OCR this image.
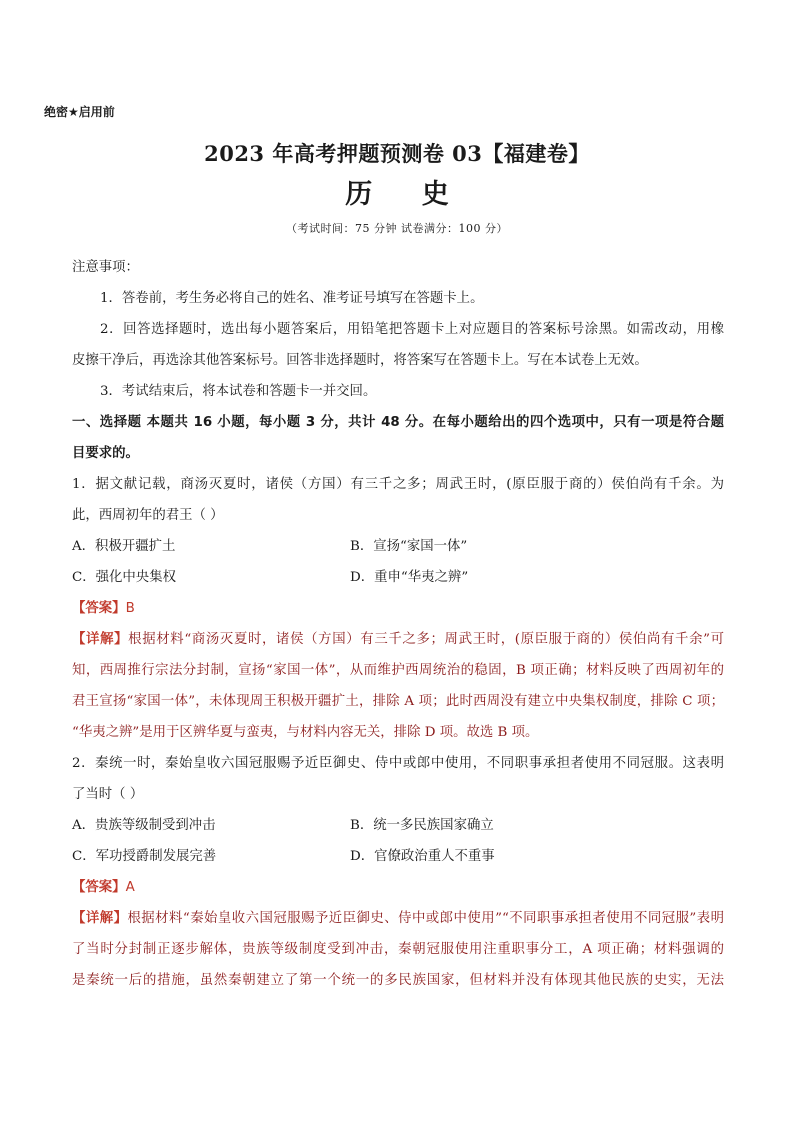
绝密★启用前
2023 年高考押题预测卷 03【福建卷】
历 史
（考试时间：75 分钟 试卷满分：100 分）
注意事项：
1．答卷前，考生务必将自己的姓名、准考证号填写在答题卡上。
2．回答选择题时，选出每小题答案后，用铅笔把答题卡上对应题目的答案标号涂黑。如需改动，用橡
皮擦干净后，再选涂其他答案标号。回答非选择题时，将答案写在答题卡上。写在本试卷上无效。
3．考试结束后，将本试卷和答题卡一并交回。
一、选择题 本题共 16 小题，每小题 3 分，共计 48 分。在每小题给出的四个选项中，只有一项是符合题
目要求的。
1．据文献记载，商汤灭夏时，诸侯（方国）有三千之多；周武王时，(原臣服于商的）侯伯尚有千余。为
此，西周初年的君王（ ）
A．积极开疆扩土	B．宣扬“家国一体”
C．强化中央集权	D．重申“华夷之辨”
【答案】B
【详解】根据材料“商汤灭夏时，诸侯（方国）有三千之多；周武王时，(原臣服于商的）侯伯尚有千余”可
知，西周推行宗法分封制，宣扬“家国一体”，从而维护西周统治的稳固，B 项正确；材料反映了西周初年的
君王宣扬“家国一体”，未体现周王积极开疆扩土，排除 A 项；此时西周没有建立中央集权制度，排除 C 项；
“华夷之辨”是用于区辨华夏与蛮夷，与材料内容无关，排除 D 项。故选 B 项。
2．秦统一时，秦始皇收六国冠服赐予近臣御史、侍中或郎中使用，不同职事承担者使用不同冠服。这表明
了当时（ ）
A．贵族等级制受到冲击	B．统一多民族国家确立
C．军功授爵制发展完善	D．官僚政治重人不重事
【答案】A
【详解】根据材料“秦始皇收六国冠服赐予近臣御史、侍中或郎中使用”“不同职事承担者使用不同冠服”表明
了当时分封制正逐步解体，贵族等级制度受到冲击，秦朝冠服使用注重职事分工，A 项正确；材料强调的
是秦统一后的措施，虽然秦朝建立了第一个统一的多民族国家，但材料并没有体现其他民族的史实，无法
